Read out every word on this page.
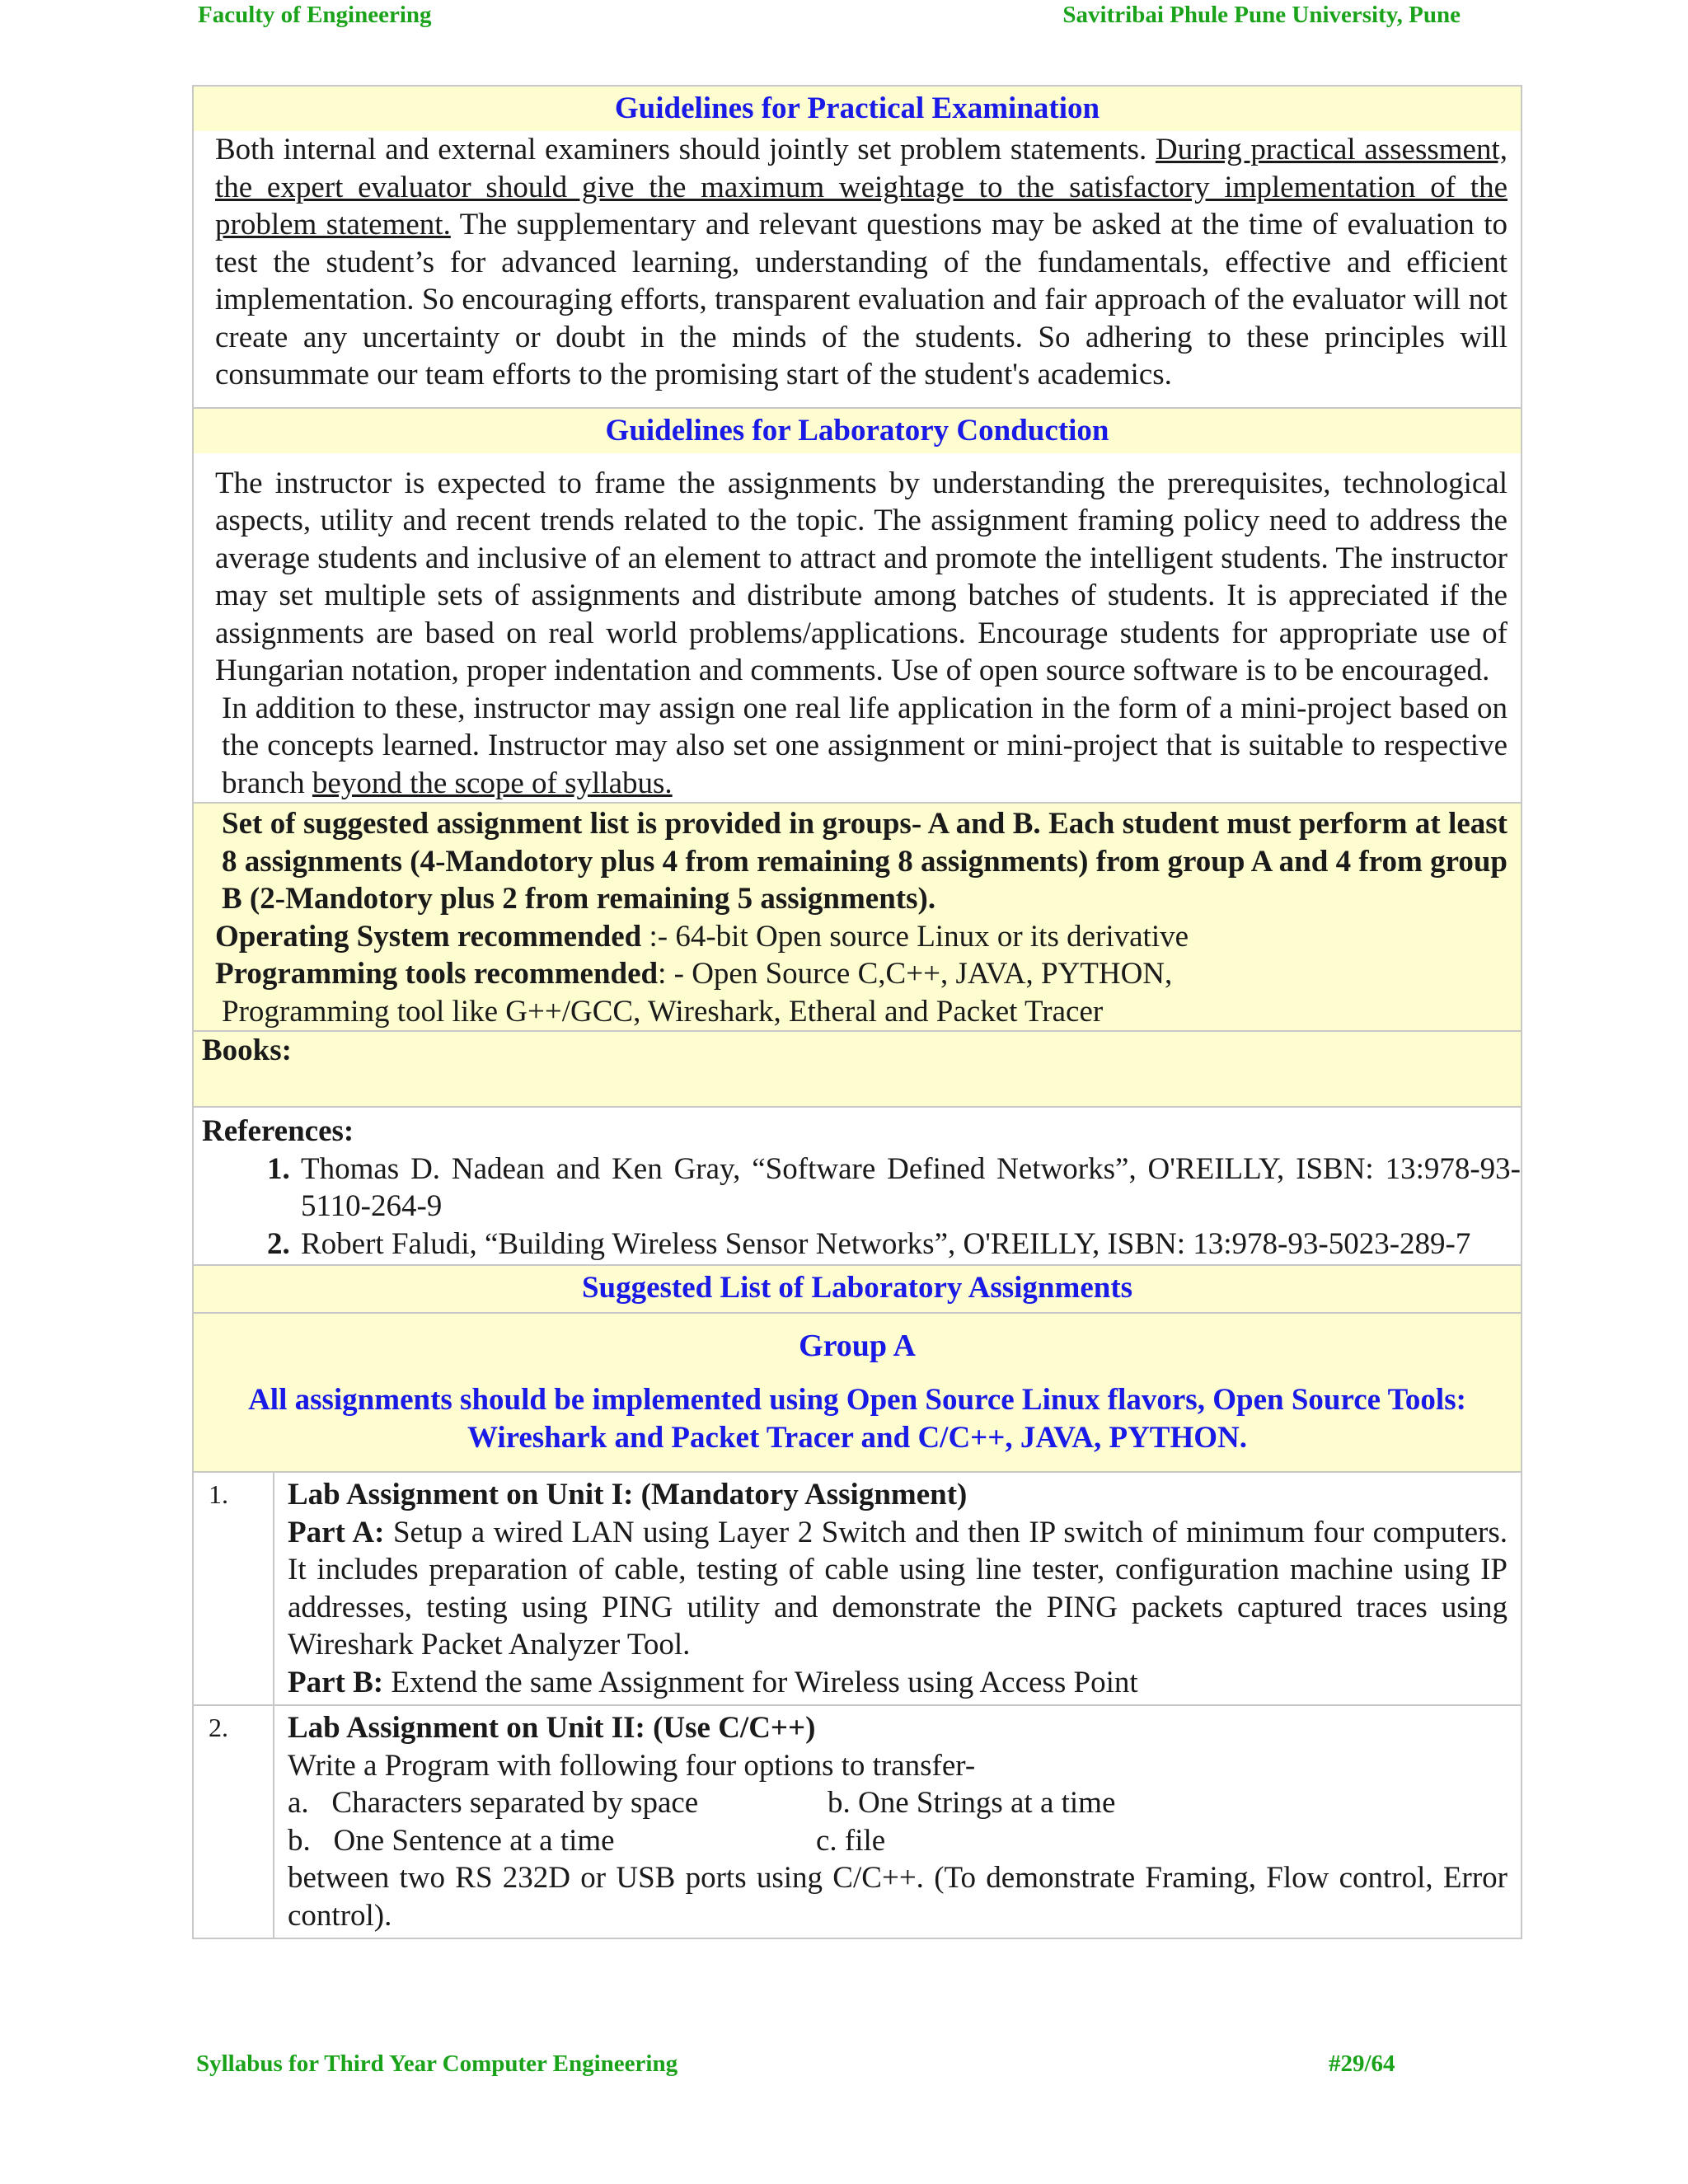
Faculty of Engineering	Savitribai Phule Pune University, Pune
Guidelines for Practical Examination

Both internal and external examiners should jointly set problem statements. During practical assessment, the expert evaluator should give the maximum weightage to the satisfactory implementation of the problem statement. The supplementary and relevant questions may be asked at the time of evaluation to test the student’s for advanced learning, understanding of the fundamentals, effective and efficient implementation. So encouraging efforts, transparent evaluation and fair approach of the evaluator will not create any uncertainty or doubt in the minds of the students. So adhering to these principles will consummate our team efforts to the promising start of the student's academics.

Guidelines for Laboratory Conduction

The instructor is expected to frame the assignments by understanding the prerequisites, technological aspects, utility and recent trends related to the topic. The assignment framing policy need to address the average students and inclusive of an element to attract and promote the intelligent students. The instructor may set multiple sets of assignments and distribute among batches of students. It is appreciated if the assignments are based on real world problems/applications. Encourage students for appropriate use of Hungarian notation, proper indentation and comments. Use of open source software is to be encouraged.

In addition to these, instructor may assign one real life application in the form of a mini-project based on the concepts learned. Instructor may also set one assignment or mini-project that is suitable to respective branch beyond the scope of syllabus.

Set of suggested assignment list is provided in groups- A and B. Each student must perform at least 8 assignments (4-Mandotory plus 4 from remaining 8 assignments) from group A and 4 from group B (2-Mandotory plus 2 from remaining 5 assignments).

Operating System recommended :- 64-bit Open source Linux or its derivative

Programming tools recommended: - Open Source C,C++, JAVA, PYTHON,

Programming tool like G++/GCC, Wireshark, Etheral and Packet Tracer

Books:
References:
1. Thomas D. Nadean and Ken Gray, “Software Defined Networks”, O'REILLY, ISBN: 13:978-93-5110-264-9
2. Robert Faludi, “Building Wireless Sensor Networks”, O'REILLY, ISBN: 13:978-93-5023-289-7
Suggested List of Laboratory Assignments
Group A
All assignments should be implemented using Open Source Linux flavors, Open Source Tools: Wireshark and Packet Tracer and C/C++, JAVA, PYTHON.
1.	Lab Assignment on Unit I: (Mandatory Assignment)
Part A: Setup a wired LAN using Layer 2 Switch and then IP switch of minimum four computers. It includes preparation of cable, testing of cable using line tester, configuration machine using IP addresses, testing using PING utility and demonstrate the PING packets captured traces using Wireshark Packet Analyzer Tool.
Part B: Extend the same Assignment for Wireless using Access Point
2.	Lab Assignment on Unit II: (Use C/C++)
Write a Program with following four options to transfer-
a.   Characters separated by space	b. One Strings at a time
b.   One Sentence at a time	c. file
between two RS 232D or USB ports using C/C++. (To demonstrate Framing, Flow control, Error control).
Syllabus for Third Year Computer Engineering	#29/64
